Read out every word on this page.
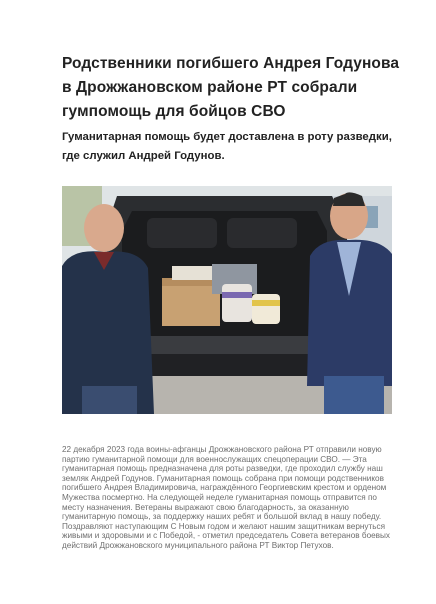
Родственники погибшего Андрея Годунова в Дрожжановском районе РТ собрали гумпомощь для бойцов СВО

Гуманитарная помощь будет доставлена в роту разведки, где служил Андрей Годунов.

22 декабря 2023 года воины-афганцы Дрожжановского района РТ отправили новую партию гуманитарной помощи для военнослужащих спецоперации СВО. — Эта гуманитарная помощь предназначена для роты разведки, где проходил службу наш земляк Андрей Годунов. Гуманитарная помощь собрана при помощи родственников погибшего Андрея Владимировича, награждённого Георгиевским крестом и орденом Мужества посмертно. На следующей неделе гуманитарная помощь отправится по месту назначения. Ветераны выражают свою благодарность, за оказанную гуманитарную помощь, за поддержку наших ребят и большой вклад в нашу победу. Поздравляют наступающим С Новым годом и желают нашим защитникам вернуться живыми и здоровыми и с Победой, - отметил председатель Совета ветеранов боевых действий Дрожжановского муниципального района РТ Виктор Петухов.
